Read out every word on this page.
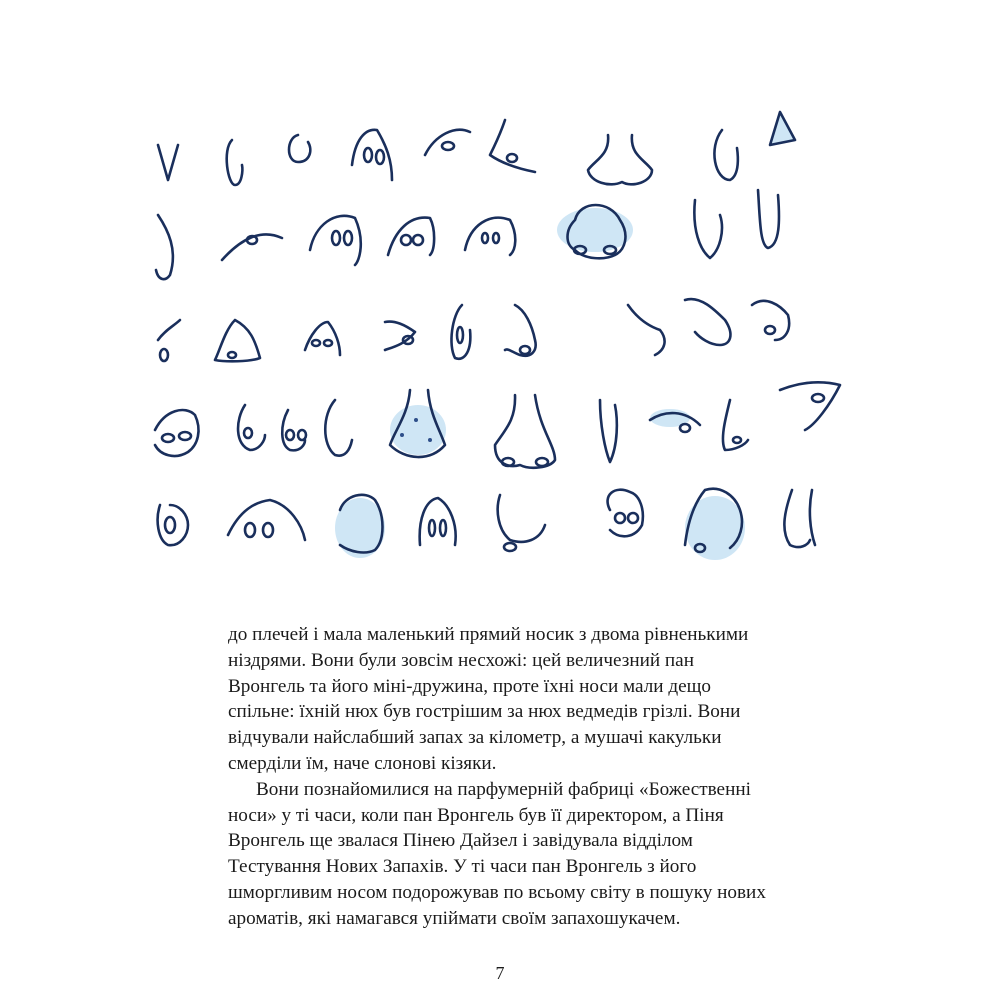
до плечей і мала маленький прямий носик з двома рівненькими ніздрями. Вони були зовсім несхожі: цей величезний пан Вронгель та його міні-дружина, проте їхні носи мали дещо спільне: їхній нюх був гострішим за нюх ведмедів грізлі. Вони відчували найслабший запах за кілометр, а мушачі какульки смерділи їм, наче слонові кізяки.

Вони познайомилися на парфумерній фабриці «Божественні носи» у ті часи, коли пан Вронгель був її директором, а Піня Вронгель ще звалася Пінею Дайзел і завідувала відділом Тестування Нових Запахів. У ті часи пан Вронгель з його шморгливим носом подорожував по всьому світу в пошуку нових ароматів, які намагався упіймати своїм запахошукачем.

7
